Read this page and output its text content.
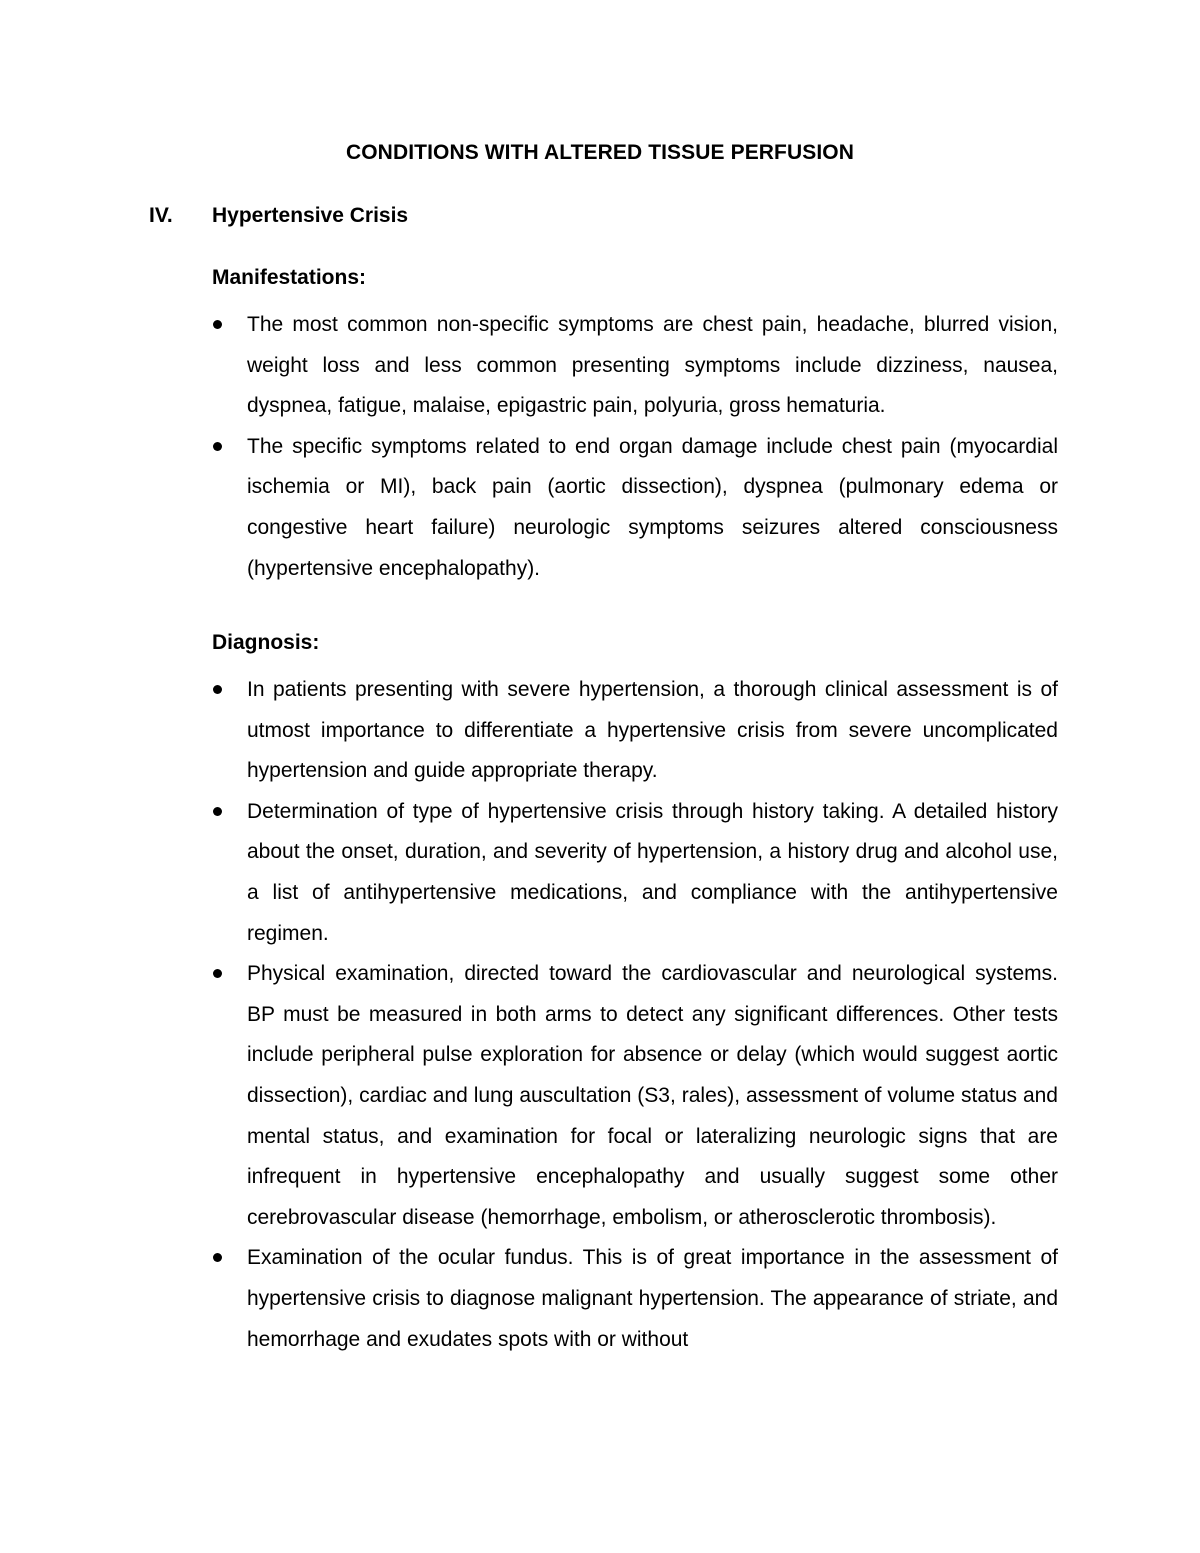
CONDITIONS WITH ALTERED TISSUE PERFUSION
IV. Hypertensive Crisis
Manifestations:
The most common non-specific symptoms are chest pain, headache, blurred vision, weight loss and less common presenting symptoms include dizziness, nausea, dyspnea, fatigue, malaise, epigastric pain, polyuria, gross hematuria.
The specific symptoms related to end organ damage include chest pain (myocardial ischemia or MI), back pain (aortic dissection), dyspnea (pulmonary edema or congestive heart failure) neurologic symptoms seizures altered consciousness (hypertensive encephalopathy).
Diagnosis:
In patients presenting with severe hypertension, a thorough clinical assessment is of utmost importance to differentiate a hypertensive crisis from severe uncomplicated hypertension and guide appropriate therapy.
Determination of type of hypertensive crisis through history taking. A detailed history about the onset, duration, and severity of hypertension, a history drug and alcohol use, a list of antihypertensive medications, and compliance with the antihypertensive regimen.
Physical examination, directed toward the cardiovascular and neurological systems. BP must be measured in both arms to detect any significant differences. Other tests include peripheral pulse exploration for absence or delay (which would suggest aortic dissection), cardiac and lung auscultation (S3, rales), assessment of volume status and mental status, and examination for focal or lateralizing neurologic signs that are infrequent in hypertensive encephalopathy and usually suggest some other cerebrovascular disease (hemorrhage, embolism, or atherosclerotic thrombosis).
Examination of the ocular fundus. This is of great importance in the assessment of hypertensive crisis to diagnose malignant hypertension. The appearance of striate, and hemorrhage and exudates spots with or without
